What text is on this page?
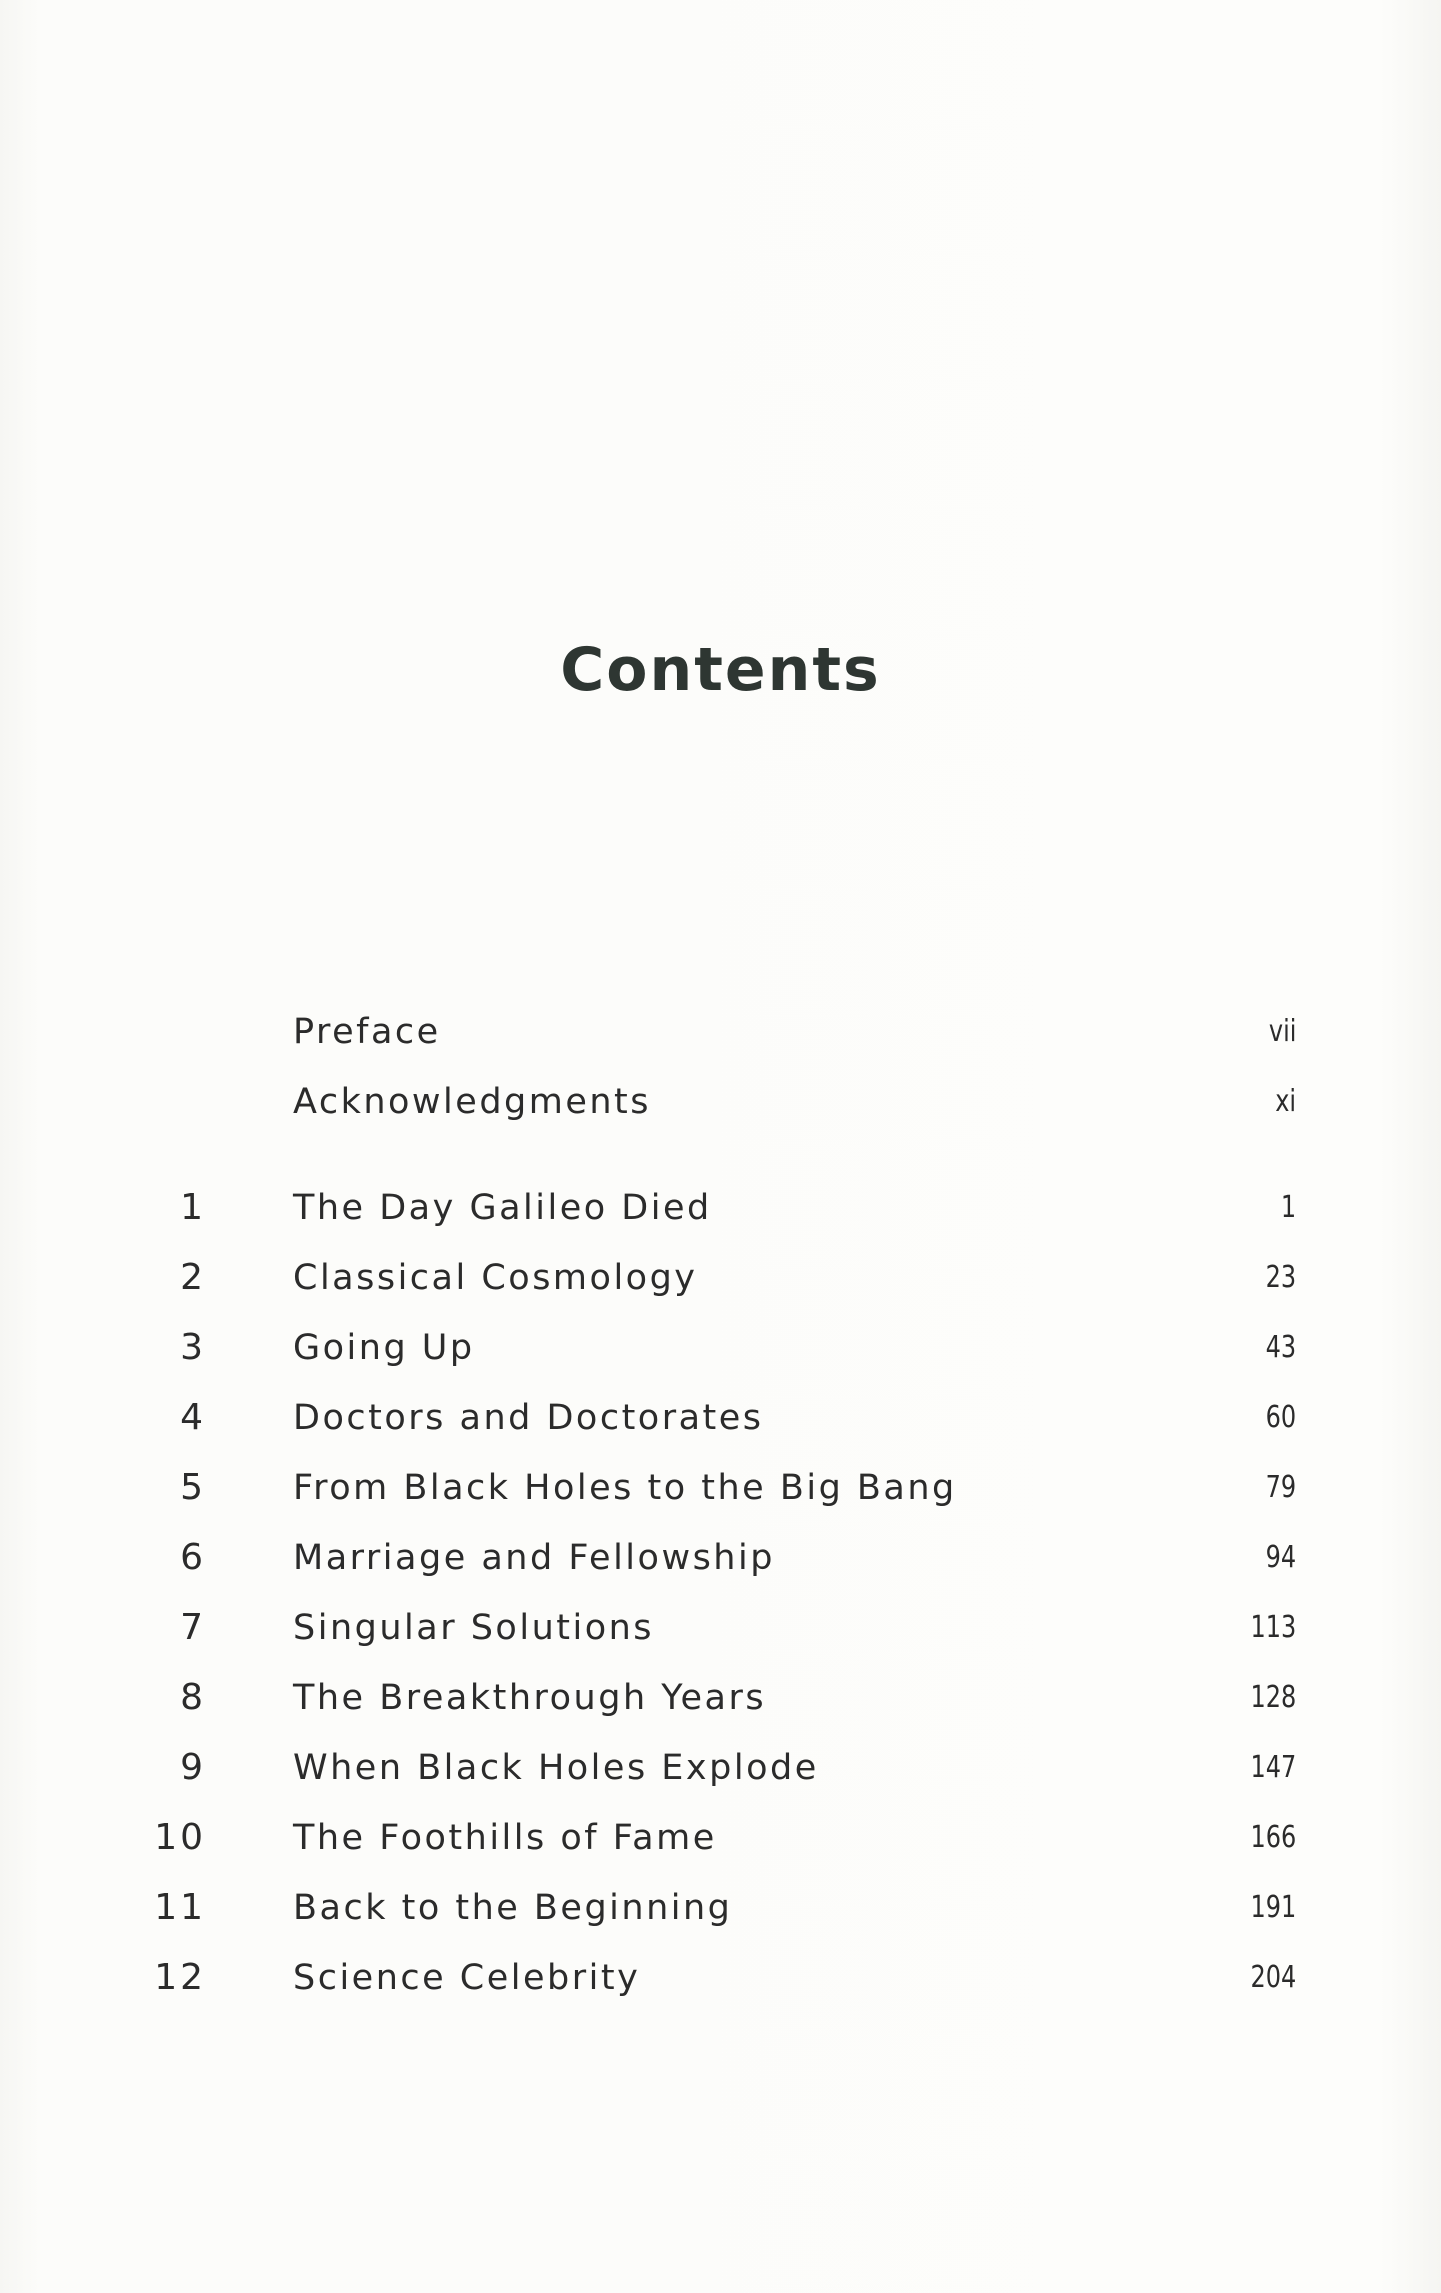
Contents
Preface	vii
Acknowledgments	xi
1 The Day Galileo Died	1
2 Classical Cosmology	23
3 Going Up	43
4 Doctors and Doctorates	60
5 From Black Holes to the Big Bang	79
6 Marriage and Fellowship	94
7 Singular Solutions	113
8 The Breakthrough Years	128
9 When Black Holes Explode	147
10 The Foothills of Fame	166
11 Back to the Beginning	191
12 Science Celebrity	204
